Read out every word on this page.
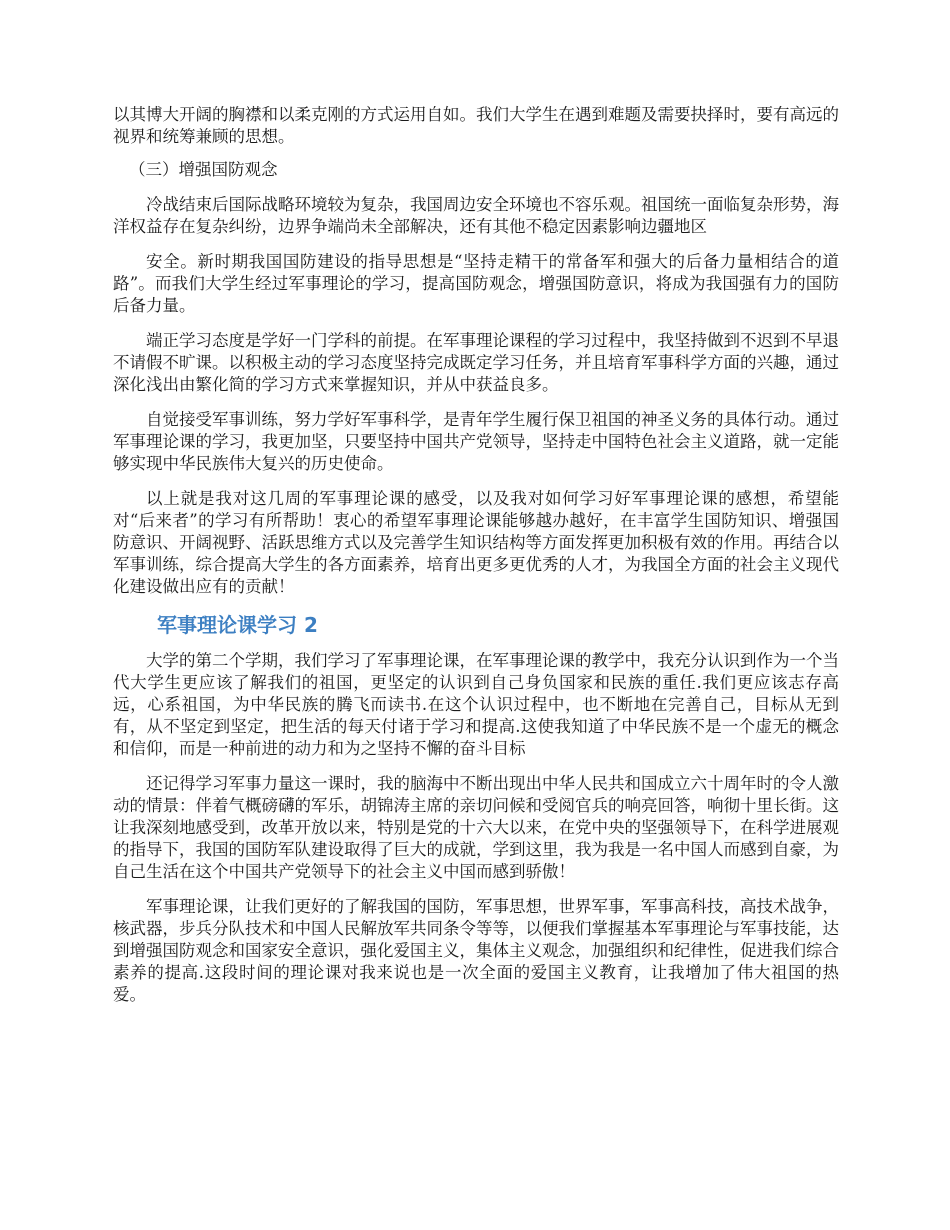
以其博大开阔的胸襟和以柔克刚的方式运用自如。我们大学生在遇到难题及需要抉择时，要有高远的视界和统筹兼顾的思想。

（三）增强国防观念

冷战结束后国际战略环境较为复杂，我国周边安全环境也不容乐观。祖国统一面临复杂形势，海洋权益存在复杂纠纷，边界争端尚未全部解决，还有其他不稳定因素影响边疆地区

安全。新时期我国国防建设的指导思想是“坚持走精干的常备军和强大的后备力量相结合的道路”。而我们大学生经过军事理论的学习，提高国防观念，增强国防意识，将成为我国强有力的国防后备力量。

端正学习态度是学好一门学科的前提。在军事理论课程的学习过程中，我坚持做到不迟到不早退不请假不旷课。以积极主动的学习态度坚持完成既定学习任务，并且培育军事科学方面的兴趣，通过深化浅出由繁化简的学习方式来掌握知识，并从中获益良多。

自觉接受军事训练，努力学好军事科学，是青年学生履行保卫祖国的神圣义务的具体行动。通过军事理论课的学习，我更加坚，只要坚持中国共产党领导，坚持走中国特色社会主义道路，就一定能够实现中华民族伟大复兴的历史使命。

以上就是我对这几周的军事理论课的感受，以及我对如何学习好军事理论课的感想，希望能对“后来者”的学习有所帮助！衷心的希望军事理论课能够越办越好，在丰富学生国防知识、增强国防意识、开阔视野、活跃思维方式以及完善学生知识结构等方面发挥更加积极有效的作用。再结合以军事训练，综合提高大学生的各方面素养，培育出更多更优秀的人才，为我国全方面的社会主义现代化建设做出应有的贡献！

军事理论课学习 2

大学的第二个学期，我们学习了军事理论课，在军事理论课的教学中，我充分认识到作为一个当代大学生更应该了解我们的祖国，更坚定的认识到自己身负国家和民族的重任.我们更应该志存高远，心系祖国，为中华民族的腾飞而读书.在这个认识过程中，也不断地在完善自己，目标从无到有，从不坚定到坚定，把生活的每天付诸于学习和提高.这使我知道了中华民族不是一个虚无的概念和信仰，而是一种前进的动力和为之坚持不懈的奋斗目标

还记得学习军事力量这一课时，我的脑海中不断出现出中华人民共和国成立六十周年时的令人激动的情景：伴着气概磅礴的军乐，胡锦涛主席的亲切问候和受阅官兵的响亮回答，响彻十里长街。这让我深刻地感受到，改革开放以来，特别是党的十六大以来，在党中央的坚强领导下，在科学进展观的指导下，我国的国防军队建设取得了巨大的成就，学到这里，我为我是一名中国人而感到自豪，为自己生活在这个中国共产党领导下的社会主义中国而感到骄傲！

军事理论课，让我们更好的了解我国的国防，军事思想，世界军事，军事高科技，高技术战争，核武器，步兵分队技术和中国人民解放军共同条令等等，以便我们掌握基本军事理论与军事技能，达到增强国防观念和国家安全意识，强化爱国主义，集体主义观念，加强组织和纪律性，促进我们综合素养的提高.这段时间的理论课对我来说也是一次全面的爱国主义教育，让我增加了伟大祖国的热爱。
